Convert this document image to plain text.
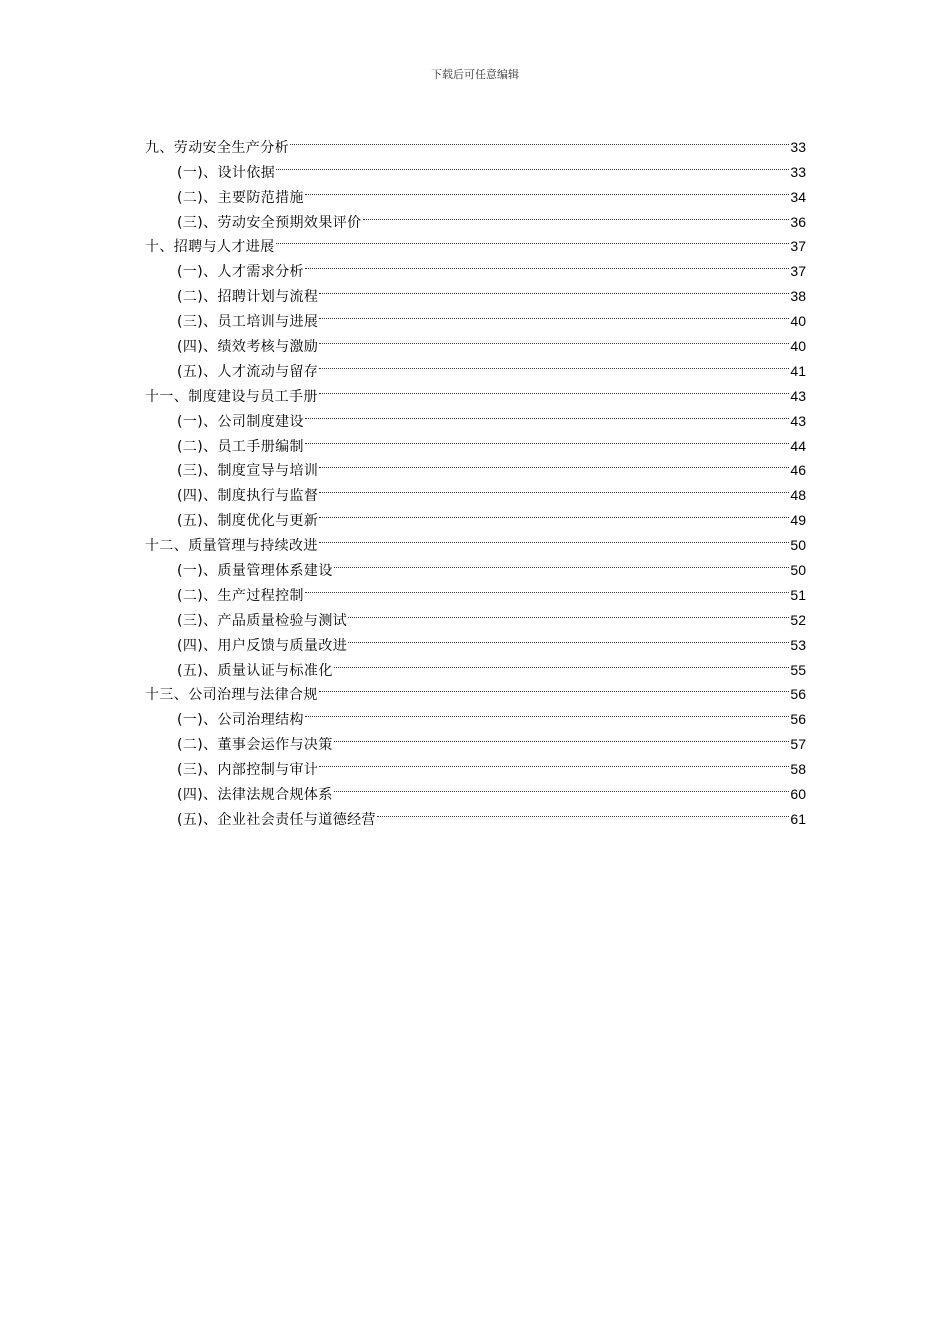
下载后可任意编辑
九、劳动安全生产分析	33
(一)、设计依据	33
(二)、主要防范措施	34
(三)、劳动安全预期效果评价	36
十、招聘与人才进展	37
(一)、人才需求分析	37
(二)、招聘计划与流程	38
(三)、员工培训与进展	40
(四)、绩效考核与激励	40
(五)、人才流动与留存	41
十一、制度建设与员工手册	43
(一)、公司制度建设	43
(二)、员工手册编制	44
(三)、制度宣导与培训	46
(四)、制度执行与监督	48
(五)、制度优化与更新	49
十二、质量管理与持续改进	50
(一)、质量管理体系建设	50
(二)、生产过程控制	51
(三)、产品质量检验与测试	52
(四)、用户反馈与质量改进	53
(五)、质量认证与标准化	55
十三、公司治理与法律合规	56
(一)、公司治理结构	56
(二)、董事会运作与决策	57
(三)、内部控制与审计	58
(四)、法律法规合规体系	60
(五)、企业社会责任与道德经营	61
